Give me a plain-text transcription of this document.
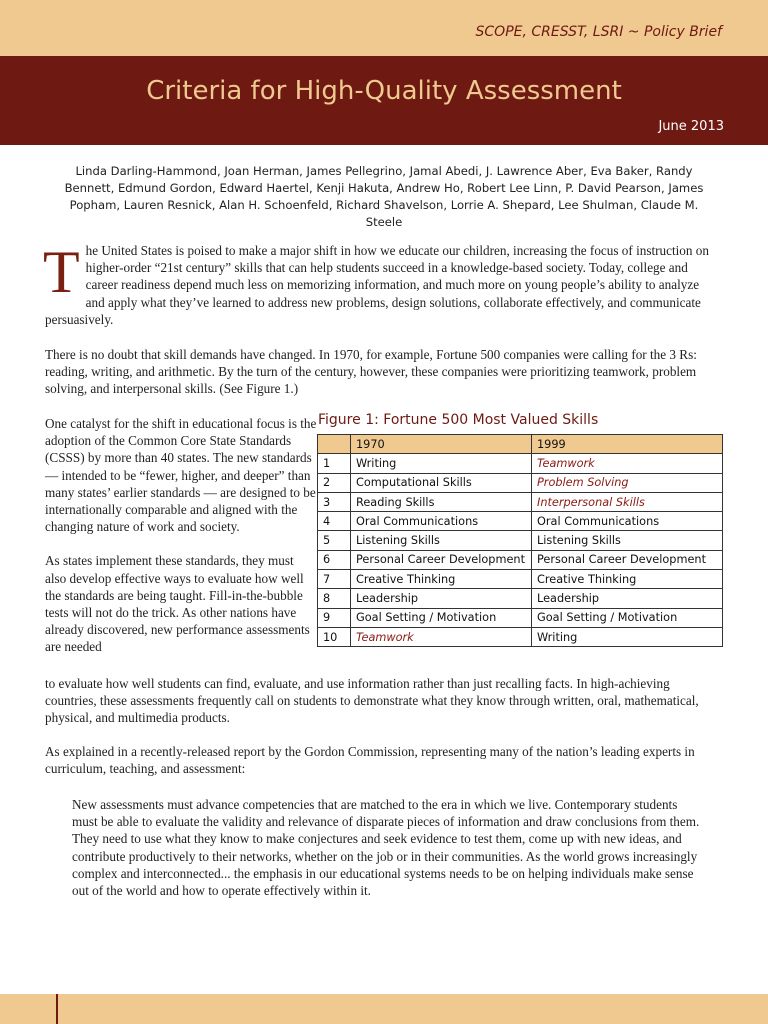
SCOPE, CRESST, LSRI ~ Policy Brief
Criteria for High-Quality Assessment
June 2013
Linda Darling-Hammond, Joan Herman, James Pellegrino, Jamal Abedi, J. Lawrence Aber, Eva Baker, Randy Bennett, Edmund Gordon, Edward Haertel, Kenji Hakuta, Andrew Ho, Robert Lee Linn, P. David Pearson, James Popham, Lauren Resnick, Alan H. Schoenfeld, Richard Shavelson, Lorrie A. Shepard, Lee Shulman, Claude M. Steele
T he United States is poised to make a major shift in how we educate our children, increasing the focus of instruction on higher-order “21st century” skills that can help students succeed in a knowledge-based society. Today, college and career readiness depend much less on memorizing information, and much more on young people’s ability to analyze and apply what they’ve learned to address new problems, design solutions, collaborate effectively, and communicate persuasively.

There is no doubt that skill demands have changed. In 1970, for example, Fortune 500 companies were calling for the 3 Rs: reading, writing, and arithmetic. By the turn of the century, however, these companies were prioritizing teamwork, problem solving, and interpersonal skills. (See Figure 1.)

One catalyst for the shift in educational focus is the adoption of the Common Core State Standards (CSSS) by more than 40 states. The new standards — intended to be “fewer, higher, and deeper” than many states’ earlier standards — are designed to be internationally comparable and aligned with the changing nature of work and society.

As states implement these standards, they must also develop effective ways to evaluate how well the standards are being taught. Fill-in-the-bubble tests will not do the trick. As other nations have already discovered, new performance assessments are needed

to evaluate how well students can find, evaluate, and use information rather than just recalling facts. In high-achieving countries, these assessments frequently call on students to demonstrate what they know through written, oral, mathematical, physical, and multimedia products.

As explained in a recently-released report by the Gordon Commission, representing many of the nation’s leading experts in curriculum, teaching, and assessment:

New assessments must advance competencies that are matched to the era in which we live. Contemporary students must be able to evaluate the validity and relevance of disparate pieces of information and draw conclusions from them. They need to use what they know to make conjectures and seek evidence to test them, come up with new ideas, and contribute productively to their networks, whether on the job or in their communities. As the world grows increasingly complex and interconnected... the emphasis in our educational systems needs to be on helping individuals make sense out of the world and how to operate effectively within it.

Figure 1: Fortune 500 Most Valued Skills
	1970	1999
1	Writing	Teamwork
2	Computational Skills	Problem Solving
3	Reading Skills	Interpersonal Skills
4	Oral Communications	Oral Communications
5	Listening Skills	Listening Skills
6	Personal Career Development	Personal Career Development
7	Creative Thinking	Creative Thinking
8	Leadership	Leadership
9	Goal Setting / Motivation	Goal Setting / Motivation
10	Teamwork	Writing
